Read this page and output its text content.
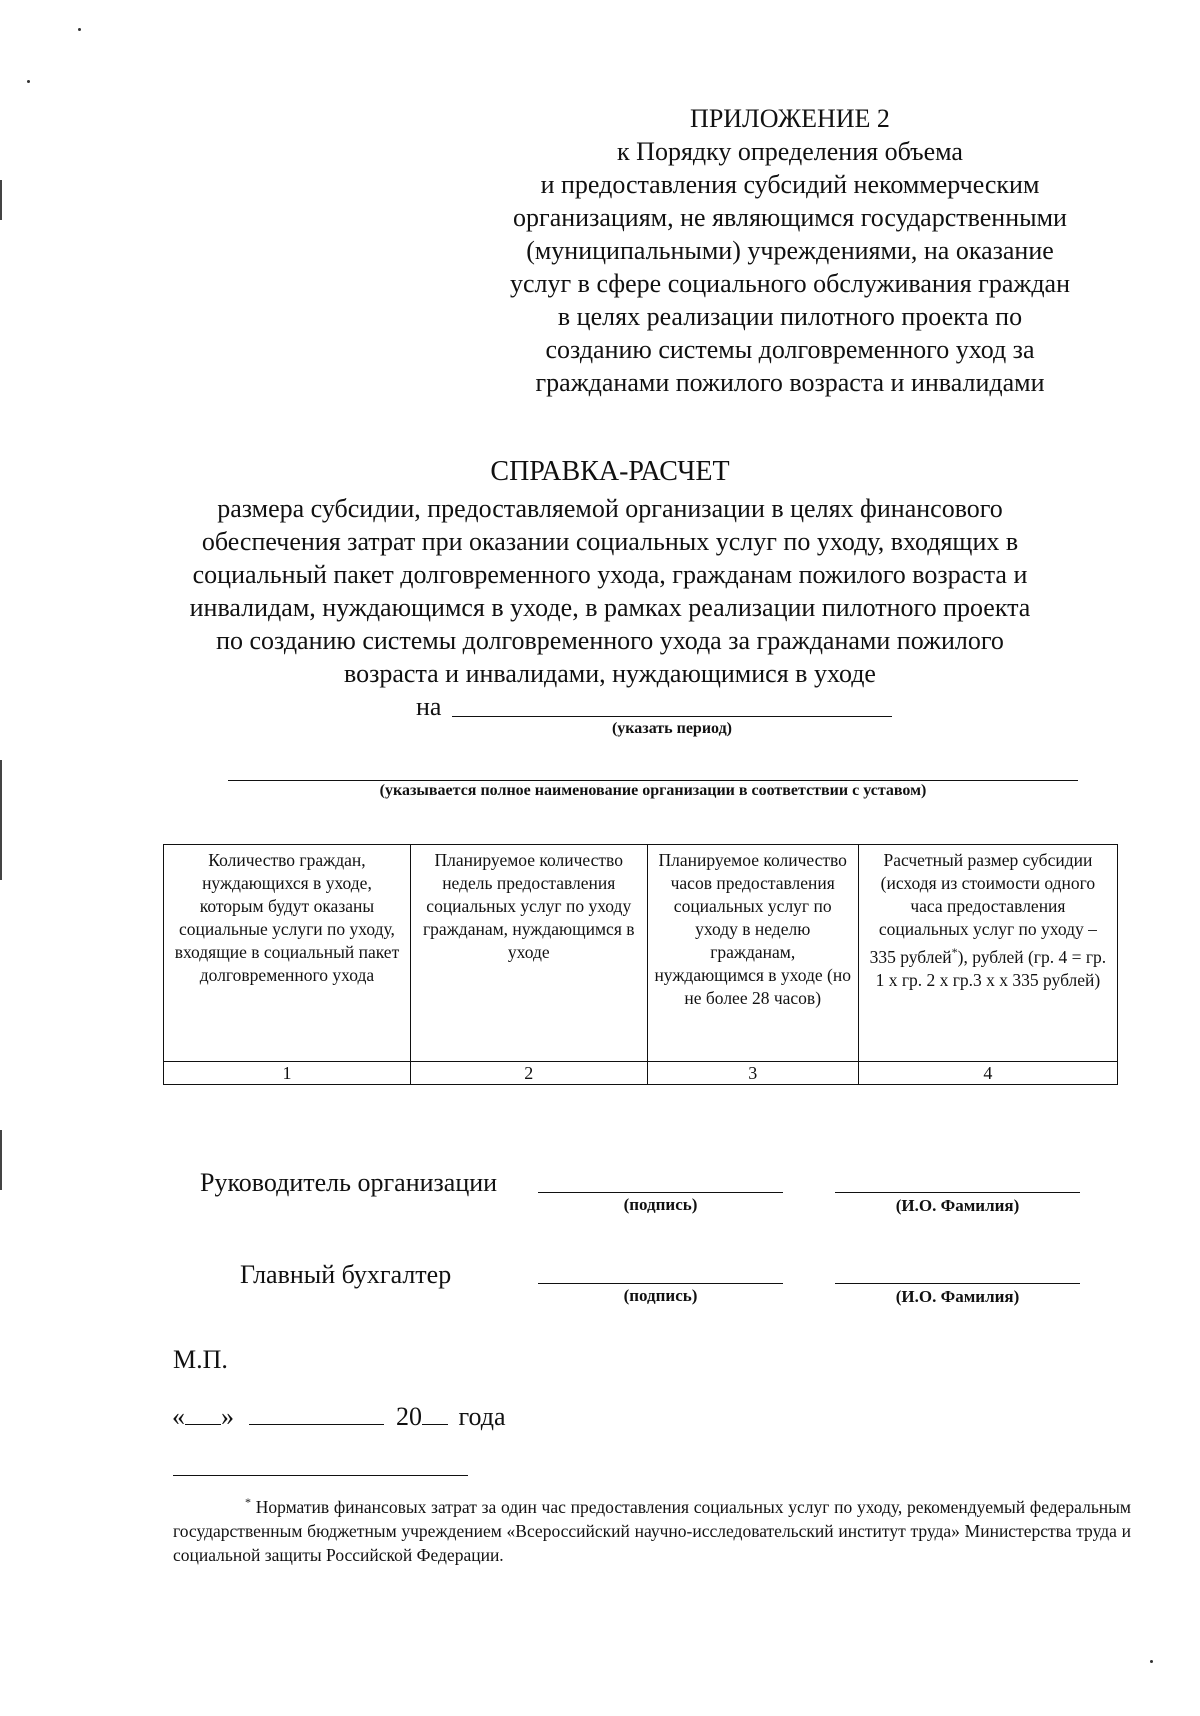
ПРИЛОЖЕНИЕ 2
к Порядку определения объема
и предоставления субсидий некоммерческим
организациям, не являющимся государственными
(муниципальными) учреждениями, на оказание
услуг в сфере социального обслуживания граждан
в целях реализации пилотного проекта по
созданию системы долговременного уход за
гражданами пожилого возраста и инвалидами
СПРАВКА-РАСЧЕТ
размера субсидии, предоставляемой организации в целях финансового
обеспечения затрат при оказании социальных услуг по уходу, входящих в
социальный пакет долговременного ухода, гражданам пожилого возраста и
инвалидам, нуждающимся в уходе, в рамках реализации пилотного проекта
по созданию системы долговременного ухода за гражданами пожилого
возраста и инвалидами, нуждающимися в уходе
на
(указать период)
(указывается полное наименование организации в соответствии с уставом)
Количество граждан, нуждающихся в уходе, которым будут оказаны социальные услуги по уходу, входящие в социальный пакет долговременного ухода	Планируемое количество недель предоставления социальных услуг по уходу гражданам, нуждающимся в уходе	Планируемое количество часов предоставления социальных услуг по уходу в неделю гражданам, нуждающимся в уходе (но не более 28 часов)	Расчетный размер субсидии (исходя из стоимости одного часа предоставления социальных услуг по уходу – 335 рублей*), рублей (гр. 4 = гр. 1 х гр. 2 х гр.3 х х 335 рублей)
1	2	3	4
Руководитель организации
(подпись)	(И.О. Фамилия)
Главный бухгалтер
(подпись)	(И.О. Фамилия)
М.П.
« »	20 года
* Норматив финансовых затрат за один час предоставления социальных услуг по уходу, рекомендуемый федеральным государственным бюджетным учреждением «Всероссийский научно-исследовательский институт труда» Министерства труда и социальной защиты Российской Федерации.
